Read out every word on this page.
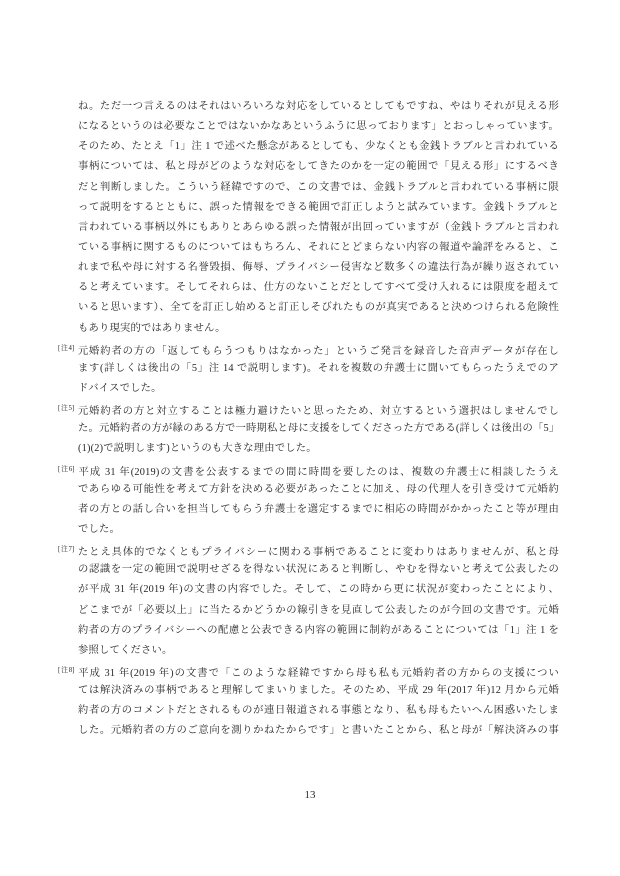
ね。ただ一つ言えるのはそれはいろいろな対応をしているとしてもですね、やはりそれが見える形
になるというのは必要なことではないかなあというふうに思っております」とおっしゃっています。
そのため、たとえ「1」注 1 で述べた懸念があるとしても、少なくとも金銭トラブルと言われている
事柄については、私と母がどのような対応をしてきたのかを一定の範囲で「見える形」にするべき
だと判断しました。こういう経緯ですので、この文書では、金銭トラブルと言われている事柄に限
って説明をするとともに、誤った情報をできる範囲で訂正しようと試みています。金銭トラブルと
言われている事柄以外にもありとあらゆる誤った情報が出回っていますが（金銭トラブルと言われ
ている事柄に関するものについてはもちろん、それにとどまらない内容の報道や論評をみると、こ
れまで私や母に対する名誉毀損、侮辱、プライバシー侵害など数多くの違法行為が繰り返されてい
ると考えています。そしてそれらは、仕方のないことだとしてすべて受け入れるには限度を超えて
いると思います）、全てを訂正し始めると訂正しそびれたものが真実であると決めつけられる危険性
もあり現実的ではありません。
[注4] 元婚約者の方の「返してもらうつもりはなかった」というご発言を録音した音声データが存在し
ます(詳しくは後出の「5」注 14 で説明します)。それを複数の弁護士に聞いてもらったうえでのア
ドバイスでした。
[注5] 元婚約者の方と対立することは極力避けたいと思ったため、対立するという選択はしませんでし
た。元婚約者の方が縁のある方で一時期私と母に支援をしてくださった方である(詳しくは後出の「5」
(1)(2)で説明します)というのも大きな理由でした。
[注6] 平成 31 年(2019)の文書を公表するまでの間に時間を要したのは、複数の弁護士に相談したうえ
であらゆる可能性を考えて方針を決める必要があったことに加え、母の代理人を引き受けて元婚約
者の方との話し合いを担当してもらう弁護士を選定するまでに相応の時間がかかったこと等が理由
でした。
[注7] たとえ具体的でなくともプライバシーに関わる事柄であることに変わりはありませんが、私と母
の認識を一定の範囲で説明せざるを得ない状況にあると判断し、やむを得ないと考えて公表したの
が平成 31 年(2019 年)の文書の内容でした。そして、この時から更に状況が変わったことにより、
どこまでが「必要以上」に当たるかどうかの線引きを見直して公表したのが今回の文書です。元婚
約者の方のプライバシーへの配慮と公表できる内容の範囲に制約があることについては「1」注 1 を
参照してください。
[注8] 平成 31 年(2019 年)の文書で「このような経緯ですから母も私も元婚約者の方からの支援につい
ては解決済みの事柄であると理解してまいりました。そのため、平成 29 年(2017 年)12 月から元婚
約者の方のコメントだとされるものが連日報道される事態となり、私も母もたいへん困惑いたしま
した。元婚約者の方のご意向を測りかねたからです」と書いたことから、私と母が「解決済みの事
13
